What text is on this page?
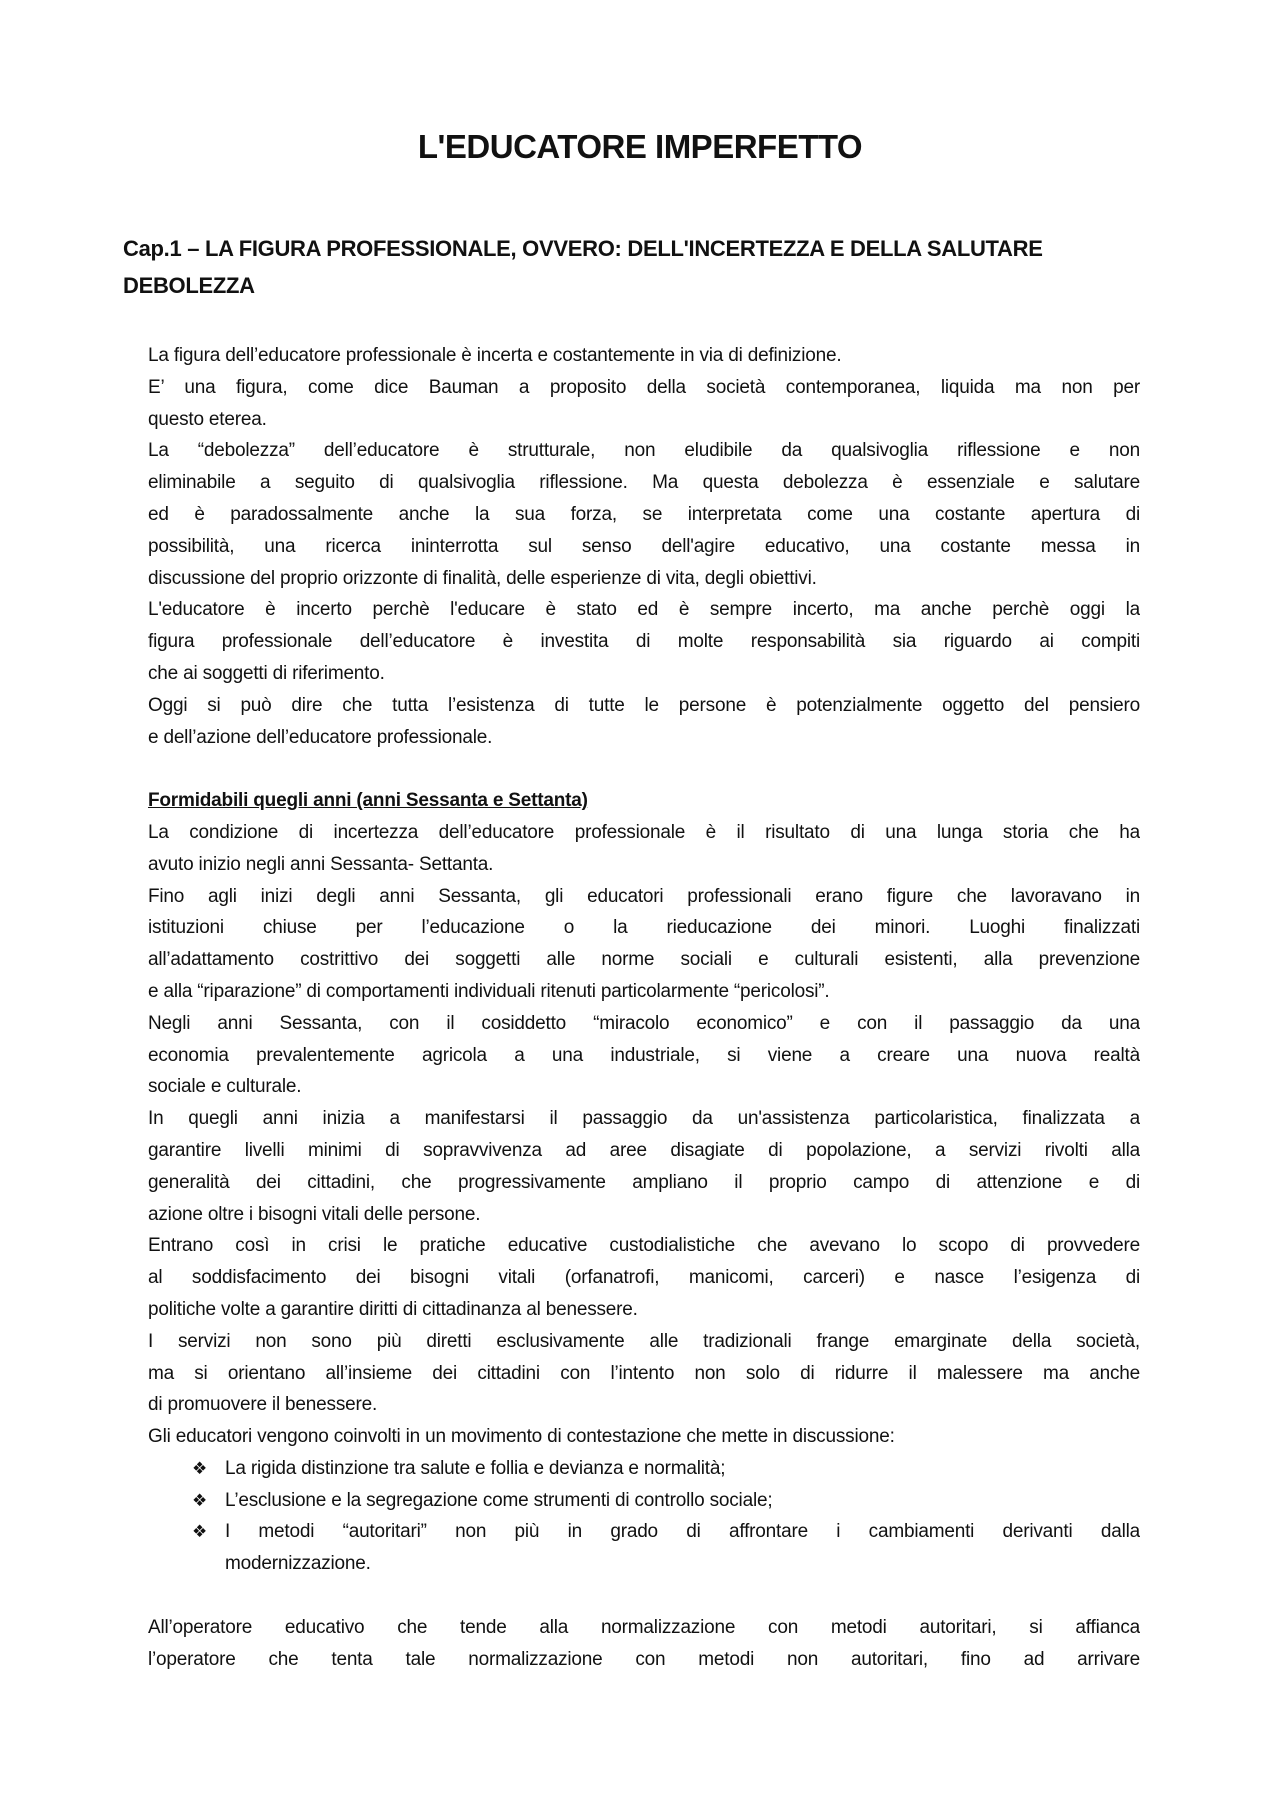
L'EDUCATORE IMPERFETTO
Cap.1 – LA FIGURA PROFESSIONALE, OVVERO: DELL'INCERTEZZA E DELLA SALUTARE DEBOLEZZA
La figura dell’educatore professionale è incerta e costantemente in via di definizione.
E’ una figura, come dice Bauman a proposito della società contemporanea, liquida ma non per
questo eterea.
La “debolezza” dell’educatore è strutturale, non eludibile da qualsivoglia riflessione e non
eliminabile a seguito di qualsivoglia riflessione. Ma questa debolezza è essenziale e salutare
ed è paradossalmente anche la sua forza, se interpretata come una costante apertura di
possibilità, una ricerca ininterrotta sul senso dell'agire educativo, una costante messa in
discussione del proprio orizzonte di finalità, delle esperienze di vita, degli obiettivi.
L'educatore è incerto perchè l'educare è stato ed è sempre incerto, ma anche perchè oggi la
figura professionale dell’educatore è investita di molte responsabilità sia riguardo ai compiti
che ai soggetti di riferimento.
Oggi si può dire che tutta l’esistenza di tutte le persone è potenzialmente oggetto del pensiero
e dell’azione dell’educatore professionale.
Formidabili quegli anni (anni Sessanta e Settanta)
La condizione di incertezza dell’educatore professionale è il risultato di una lunga storia che ha
avuto inizio negli anni Sessanta- Settanta.
Fino agli inizi degli anni Sessanta, gli educatori professionali erano figure che lavoravano in
istituzioni chiuse per l’educazione o la rieducazione dei minori. Luoghi finalizzati
all’adattamento costrittivo dei soggetti alle norme sociali e culturali esistenti, alla prevenzione
e alla “riparazione” di comportamenti individuali ritenuti particolarmente “pericolosi”.
Negli anni Sessanta, con il cosiddetto “miracolo economico” e con il passaggio da una
economia prevalentemente agricola a una industriale, si viene a creare una nuova realtà
sociale e culturale.
In quegli anni inizia a manifestarsi il passaggio da un'assistenza particolaristica, finalizzata a
garantire livelli minimi di sopravvivenza ad aree disagiate di popolazione, a servizi rivolti alla
generalità dei cittadini, che progressivamente ampliano il proprio campo di attenzione e di
azione oltre i bisogni vitali delle persone.
Entrano così in crisi le pratiche educative custodialistiche che avevano lo scopo di provvedere
al soddisfacimento dei bisogni vitali (orfanatrofi, manicomi, carceri) e nasce l’esigenza di
politiche volte a garantire diritti di cittadinanza al benessere.
I servizi non sono più diretti esclusivamente alle tradizionali frange emarginate della società,
ma si orientano all’insieme dei cittadini con l’intento non solo di ridurre il malessere ma anche
di promuovere il benessere.
Gli educatori vengono coinvolti in un movimento di contestazione che mette in discussione:
La rigida distinzione tra salute e follia e devianza e normalità;
❖
L’esclusione e la segregazione come strumenti di controllo sociale;
❖
I metodi “autoritari” non più in grado di affrontare i cambiamenti derivanti dalla
modernizzazione.
❖
All’operatore educativo che tende alla normalizzazione con metodi autoritari, si affianca
l’operatore che tenta tale normalizzazione con metodi non autoritari, fino ad arrivare
